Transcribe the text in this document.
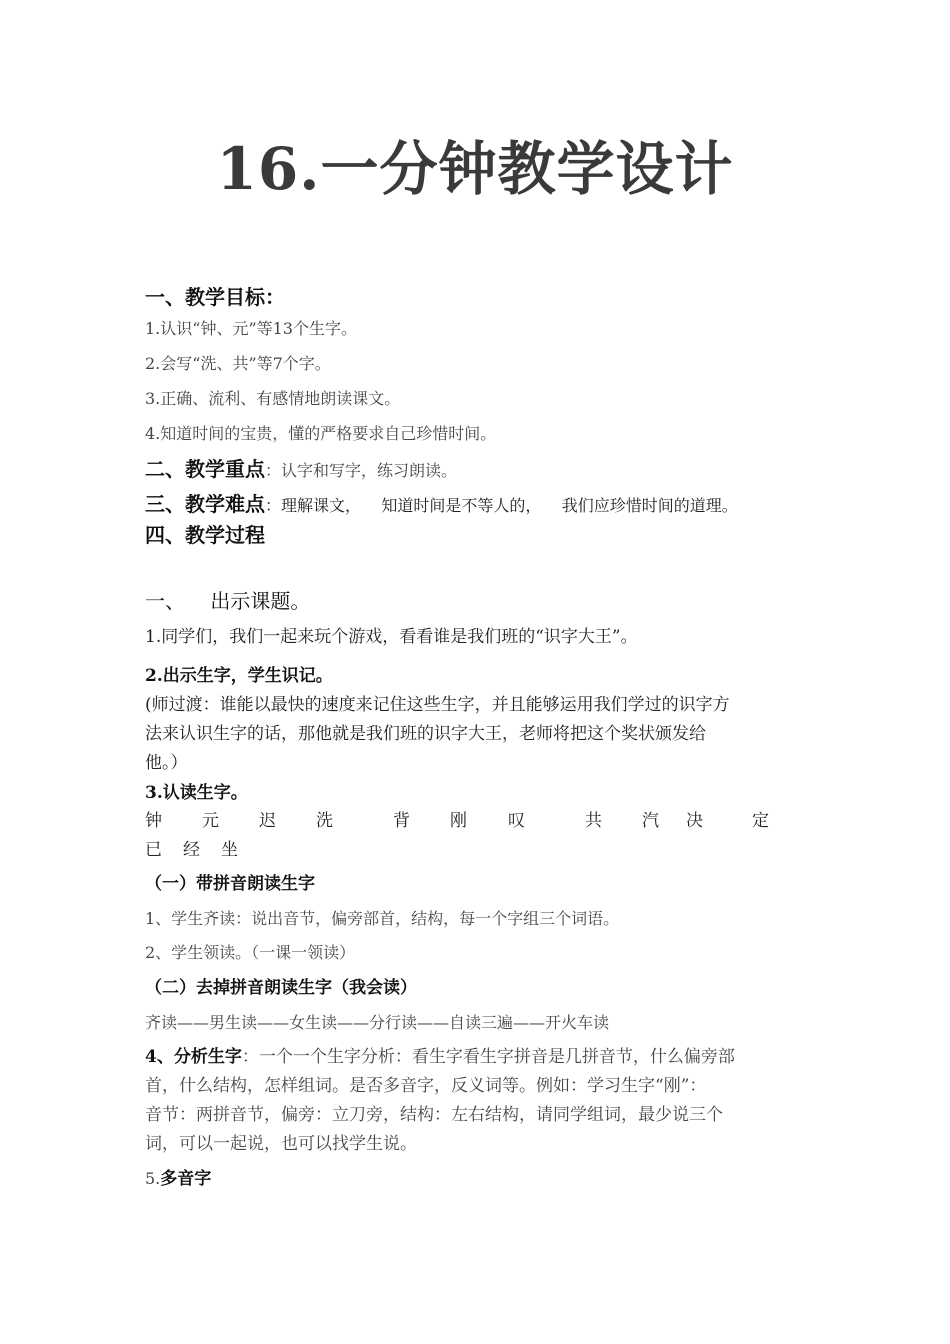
16.一分钟教学设计
一、教学目标：
1.认识“钟、元”等13个生字。
2.会写“洗、共”等7个字。
3.正确、流利、有感情地朗读课文。
4.知道时间的宝贵，懂的严格要求自己珍惜时间。
二、教学重点：认字和写字，练习朗读。
三、教学难点：理解课文，    知道时间是不等人的，    我们应珍惜时间的道理。
四、教学过程
一、    出示课题。
1.同学们，我们一起来玩个游戏，看看谁是我们班的“识字大王”。
2.出示生字，学生识记。
(师过渡：谁能以最快的速度来记住这些生字，并且能够运用我们学过的识字方
法来认识生字的话，那他就是我们班的识字大王，老师将把这个奖状颁发给
他。）
3.认读生字。
钟 元 迟 洗	背 刚 叹	共 汽 决	定
已 经 坐
（一）带拼音朗读生字
1、学生齐读：说出音节，偏旁部首，结构，每一个字组三个词语。
2、学生领读。（一课一领读）
（二）去掉拼音朗读生字（我会读）
齐读——男生读——女生读——分行读——自读三遍——开火车读
4、分析生字：一个一个生字分析：看生字看生字拼音是几拼音节，什么偏旁部
首，什么结构，怎样组词。是否多音字，反义词等。例如：学习生字“刚”：
音节：两拼音节，偏旁：立刀旁，结构：左右结构，请同学组词，最少说三个
词，可以一起说，也可以找学生说。
5.多音字
